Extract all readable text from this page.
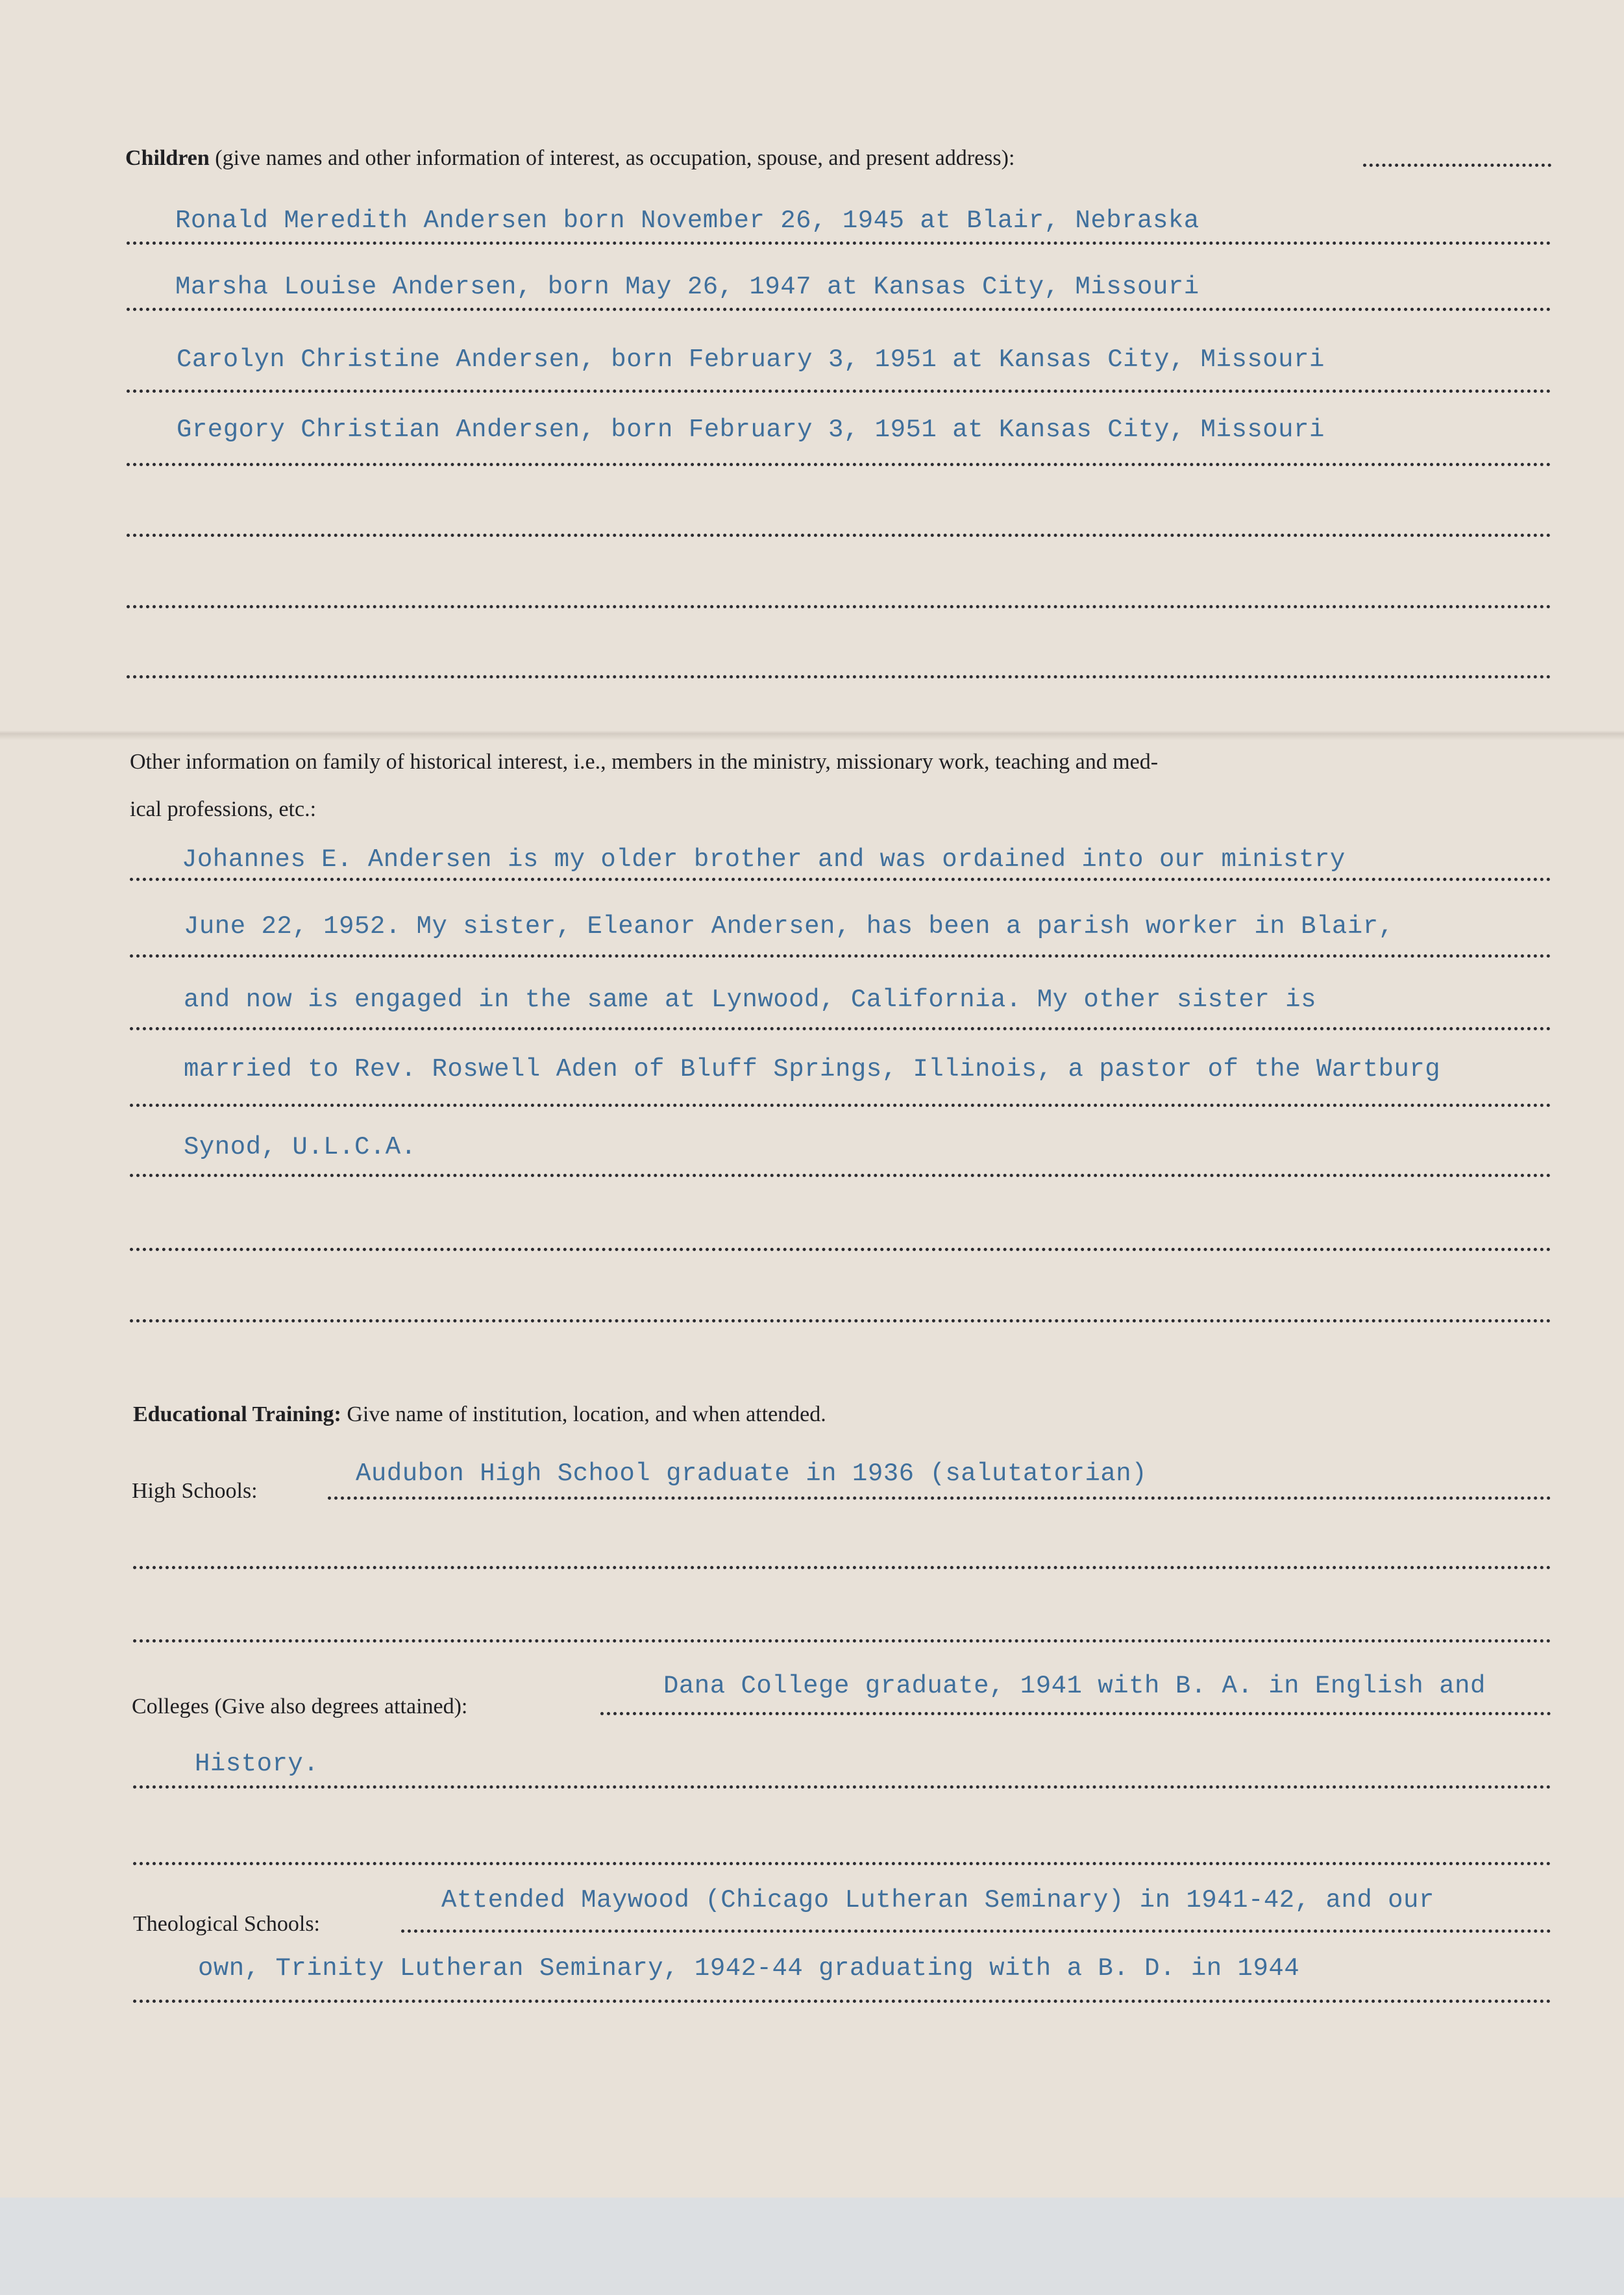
Children (give names and other information of interest, as occupation, spouse, and present address):
Ronald Meredith Andersen born November 26, 1945 at Blair, Nebraska
Marsha Louise Andersen, born May 26, 1947 at Kansas City, Missouri
Carolyn Christine Andersen, born February 3, 1951 at Kansas City, Missouri
Gregory Christian Andersen, born February 3, 1951 at Kansas City, Missouri
Other information on family of historical interest, i.e., members in the ministry, missionary work, teaching and med-
ical professions, etc.:
Johannes E. Andersen is my older brother and was ordained into our ministry
June 22, 1952. My sister, Eleanor Andersen, has been a parish worker in Blair,
and now is engaged in the same at Lynwood, California. My other sister is
married to Rev. Roswell Aden of Bluff Springs, Illinois, a pastor of the Wartburg
Synod, U.L.C.A.
Educational Training: Give name of institution, location, and when attended.
High Schools:
Audubon High School graduate in 1936 (salutatorian)
Colleges (Give also degrees attained):
Dana College graduate, 1941 with B. A. in English and
History.
Theological Schools:
Attended Maywood (Chicago Lutheran Seminary) in 1941-42, and our
own, Trinity Lutheran Seminary, 1942-44 graduating with a B. D. in 1944
